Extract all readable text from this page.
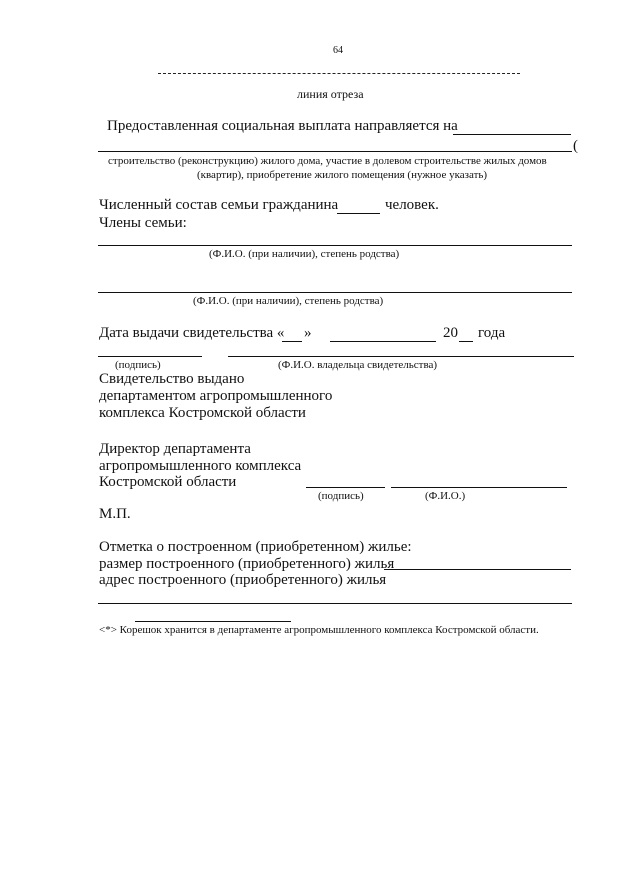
64
линия отреза
Предоставленная социальная выплата направляется на
(
строительство (реконструкцию) жилого дома, участие в долевом строительстве жилых домов
(квартир), приобретение жилого помещения (нужное указать)
Численный состав семьи гражданина	человек.
Члены семьи:
(Ф.И.О. (при наличии), степень родства)
(Ф.И.О. (при наличии), степень родства)
Дата выдачи свидетельства « »	20 года
(подпись)	(Ф.И.О. владельца свидетельства)
Свидетельство выдано
департаментом агропромышленного
комплекса Костромской области
Директор департамента
агропромышленного комплекса
Костромской области
(подпись)	(Ф.И.О.)
М.П.
Отметка о построенном (приобретенном) жилье:
размер построенного (приобретенного) жилья
адрес построенного (приобретенного) жилья
<*> Корешок хранится в департаменте агропромышленного комплекса Костромской области.
